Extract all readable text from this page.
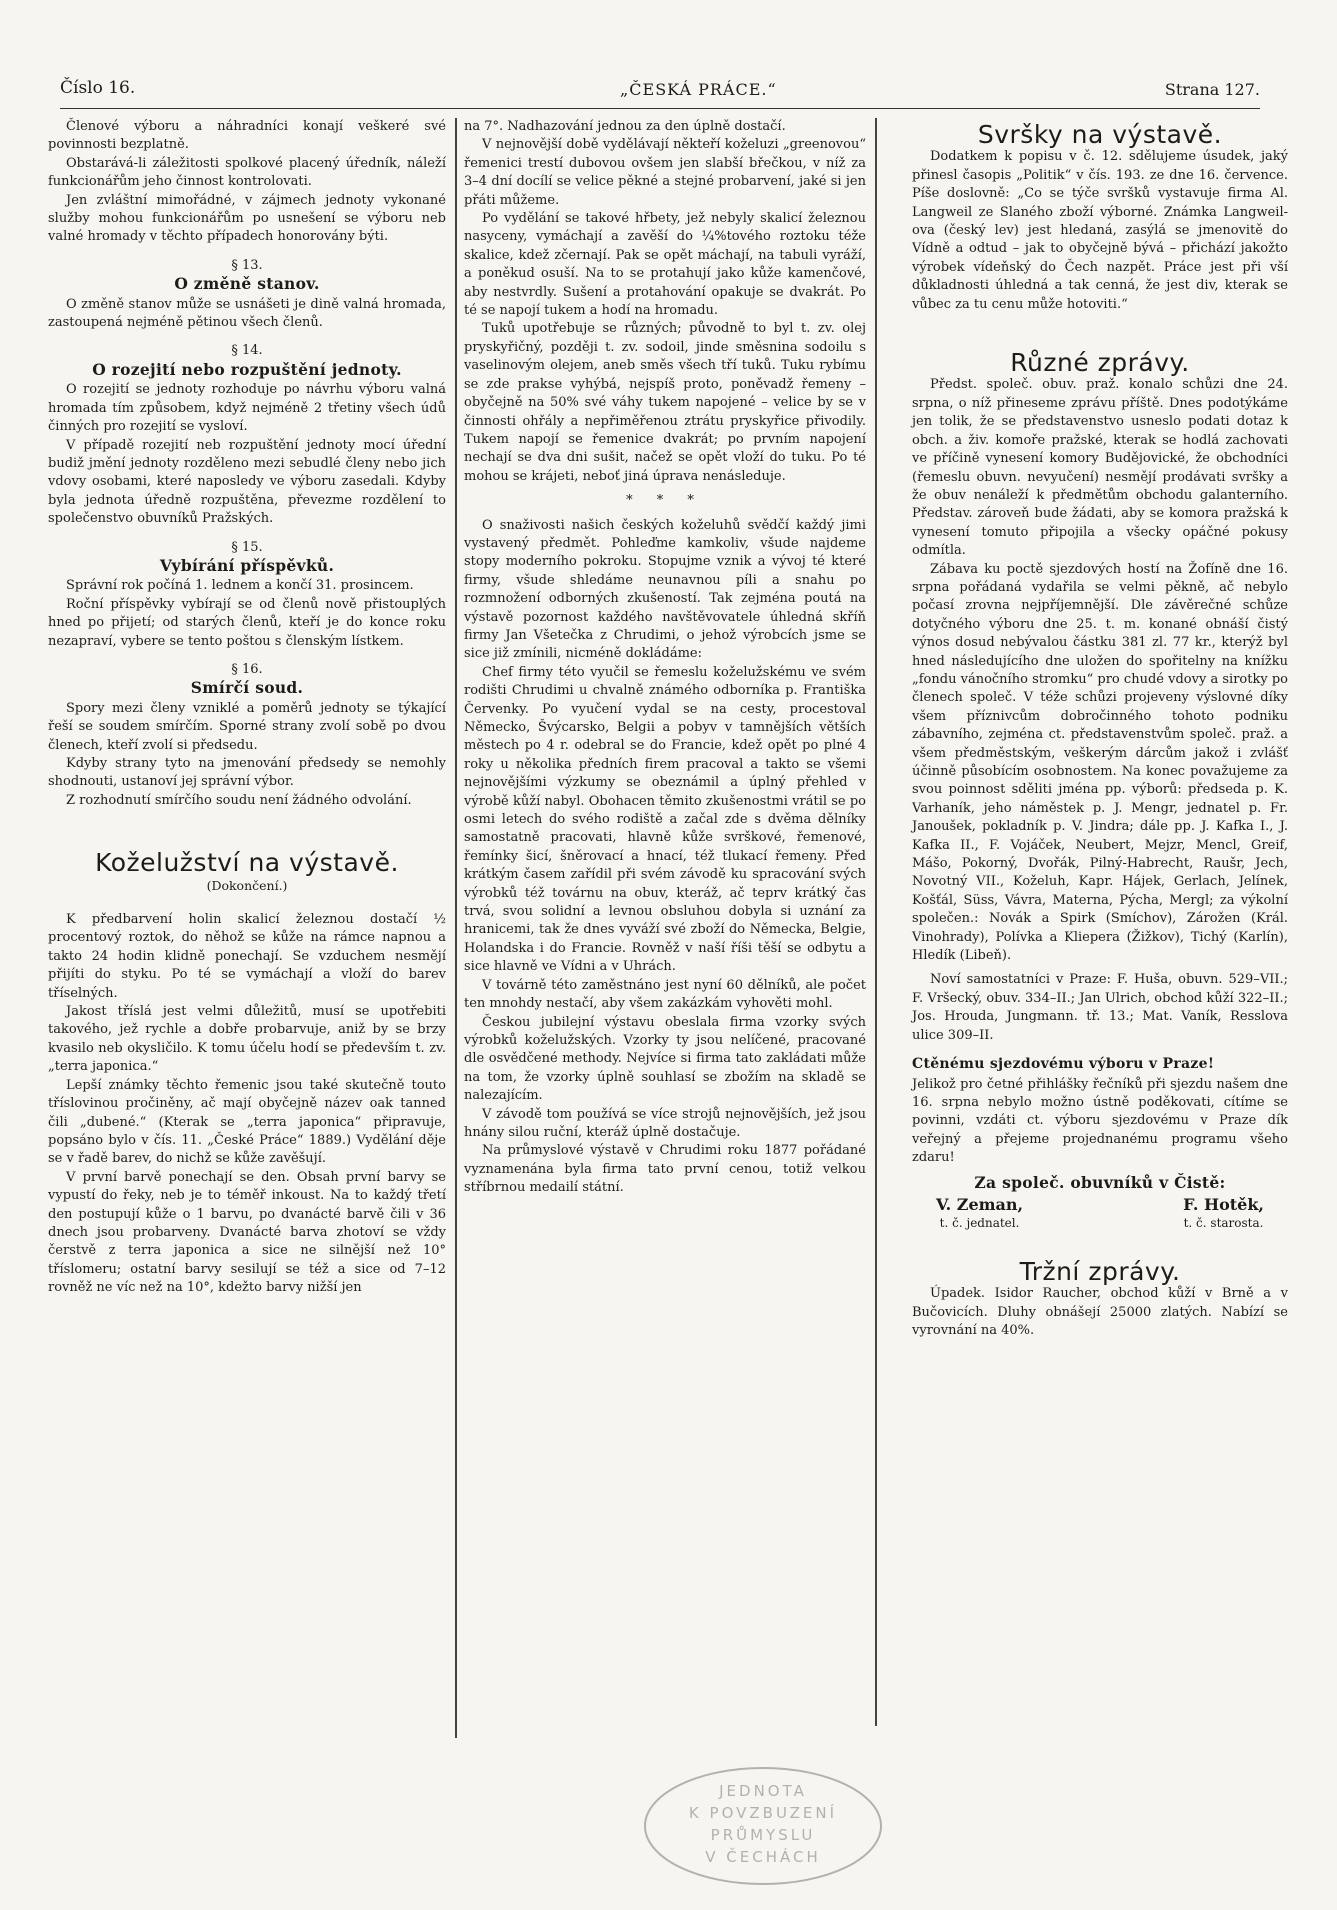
Číslo 16.	„ČESKÁ PRÁCE.“	Strana 127.

Členové výboru a náhradníci konají veškeré své povinnosti bezplatně.

Obstarává-li záležitosti spolkové placený úředník, náleží funkcionářům jeho činnost kontrolovati.

Jen zvláštní mimořádné, v zájmech jednoty vykonané služby mohou funkcionářům po usnešení se výboru neb valné hromady v těchto případech honorovány býti.

§ 13.
O změně stanov.

O změně stanov může se usnášeti je dině valná hromada, zastoupená nejméně pětinou všech členů.

§ 14.
O rozejití nebo rozpuštění jednoty.

O rozejití se jednoty rozhoduje po návrhu výboru valná hromada tím způsobem, když nejméně 2 třetiny všech údů činných pro rozejití se vysloví.

V případě rozejití neb rozpuštění jednoty mocí úřední budiž jmění jednoty rozděleno mezi sebudlé členy nebo jich vdovy osobami, které naposledy ve výboru zasedali. Kdyby byla jednota úředně rozpuštěna, převezme rozdělení to společenstvo obuvníků Pražských.

§ 15.
Vybírání příspěvků.

Správní rok počíná 1. lednem a končí 31. prosincem.

Roční příspěvky vybírají se od členů nově přistouplých hned po přijetí; od starých členů, kteří je do konce roku nezapraví, vybere se tento poštou s členským lístkem.

§ 16.
Smírčí soud.

Spory mezi členy vzniklé a poměrů jednoty se týkající řeší se soudem smírčím. Sporné strany zvolí sobě po dvou členech, kteří zvolí si předsedu.

Kdyby strany tyto na jmenování předsedy se nemohly shodnouti, ustanoví jej správní výbor.

Z rozhodnutí smírčího soudu není žádného odvolání.

Koželužství na výstavě.
(Dokončení.)

K předbarvení holin skalicí železnou dostačí ½ procentový roztok, do něhož se kůže na rámce napnou a takto 24 hodin klidně ponechají. Se vzduchem nesmějí přijíti do styku. Po té se vymáchají a vloží do barev tříselných.

Jakost tříslá jest velmi důležitů, musí se upotřebiti takového, jež rychle a dobře probarvuje, aniž by se brzy kvasilo neb okysličilo. K tomu účelu hodí se především t. zv. „terra japonica.“

Lepší známky těchto řemenic jsou také skutečně touto tříslovinou pročiněny, ač mají obyčejně název oak tanned čili „dubené.“ (Kterak se „terra japonica“ připravuje, popsáno bylo v čís. 11. „České Práce“ 1889.) Vydělání děje se v řadě barev, do nichž se kůže zavěšují.

V první barvě ponechají se den. Obsah první barvy se vypustí do řeky, neb je to téměř inkoust. Na to každý třetí den postupují kůže o 1 barvu, po dvanácté barvě čili v 36 dnech jsou probarveny. Dvanácté barva zhotoví se vždy čerstvě z terra japonica a sice ne silnější než 10° tříslomeru; ostatní barvy sesilují se též a sice od 7–12 rovněž ne víc než na 10°, kdežto barvy nižší jen

na 7°. Nadhazování jednou za den úplně dostačí.

V nejnovější době vydělávají někteří koželuzi „greenovou“ řemenici trestí dubovou ovšem jen slabší břečkou, v níž za 3–4 dní docílí se velice pěkné a stejné probarvení, jaké si jen přáti můžeme.

Po vydělání se takové hřbety, jež nebyly skalicí železnou nasyceny, vymáchají a zavěší do ¼%tového roztoku téže skalice, kdež zčernají. Pak se opět máchají, na tabuli vyráží, a poněkud osuší. Na to se protahují jako kůže kamenčové, aby nestvrdly. Sušení a protahování opakuje se dvakrát. Po té se napojí tukem a hodí na hromadu.

Tuků upotřebuje se různých; původně to byl t. zv. olej pryskyřičný, později t. zv. sodoil, jinde směsnina sodoilu s vaselinovým olejem, aneb směs všech tří tuků. Tuku rybímu se zde prakse vyhýbá, nejspíš proto, poněvadž řemeny – obyčejně na 50% své váhy tukem napojené – velice by se v činnosti ohřály a nepřiměřenou ztrátu pryskyřice přivodily. Tukem napojí se řemenice dvakrát; po prvním napojení nechají se dva dni sušit, načež se opět vloží do tuku. Po té mohou se krájeti, neboť jiná úprava nenásleduje.

* * *

O snaživosti našich českých koželuhů svědčí každý jimi vystavený předmět. Pohleďme kamkoliv, všude najdeme stopy moderního pokroku. Stopujme vznik a vývoj té které firmy, všude shledáme neunavnou píli a snahu po rozmnožení odborných zkušeností. Tak zejména poutá na výstavě pozornost každého navštěvovatele úhledná skříň firmy Jan Všetečka z Chrudimi, o jehož výrobcích jsme se sice již zmínili, nicméně dokládáme:

Chef firmy této vyučil se řemeslu koželužskému ve svém rodišti Chrudimi u chvalně známého odborníka p. Františka Červenky. Po vyučení vydal se na cesty, procestoval Německo, Švýcarsko, Belgii a pobyv v tamnějších větších městech po 4 r. odebral se do Francie, kdež opět po plné 4 roky u několika předních firem pracoval a takto se všemi nejnovějšími výzkumy se obeznámil a úplný přehled v výrobě kůží nabyl. Obohacen těmito zkušenostmi vrátil se po osmi letech do svého rodiště a začal zde s dvěma dělníky samostatně pracovati, hlavně kůže svrškové, řemenové, řemínky šicí, šněrovací a hnací, též tlukací řemeny. Před krátkým časem zařídil při svém závodě ku spracování svých výrobků též továrnu na obuv, kteráž, ač teprv krátký čas trvá, svou solidní a levnou obsluhou dobyla si uznání za hranicemi, tak že dnes vyváží své zboží do Německa, Belgie, Holandska i do Francie. Rovněž v naší říši těší se odbytu a sice hlavně ve Vídni a v Uhrách.

V továrně této zaměstnáno jest nyní 60 dělníků, ale počet ten mnohdy nestačí, aby všem zakázkám vyhověti mohl.

Českou jubilejní výstavu obeslala firma vzorky svých výrobků koželužských. Vzorky ty jsou nelíčené, pracované dle osvědčené methody. Nejvíce si firma tato zakládati může na tom, že vzorky úplně souhlasí se zbožím na skladě se nalezajícím.

V závodě tom používá se více strojů nejnovějších, jež jsou hnány silou ruční, kteráž úplně dostačuje.

Na průmyslové výstavě v Chrudimi roku 1877 pořádané vyznamenána byla firma tato první cenou, totiž velkou stříbrnou medailí státní.

Svršky na výstavě.

Dodatkem k popisu v č. 12. sdělujeme úsudek, jaký přinesl časopis „Politik“ v čís. 193. ze dne 16. července. Píše doslovně: „Co se týče svršků vystavuje firma Al. Langweil ze Slaného zboží výborné. Známka Langweil-ova (český lev) jest hledaná, zasýlá se jmenovitě do Vídně a odtud – jak to obyčejně bývá – přichází jakožto výrobek vídeňský do Čech nazpět. Práce jest při vší důkladnosti úhledná a tak cenná, že jest div, kterak se vůbec za tu cenu může hotoviti.“

Různé zprávy.

Předst. společ. obuv. praž. konalo schůzi dne 24. srpna, o níž přineseme zprávu příště. Dnes podotýkáme jen tolik, že se představenstvo usneslo podati dotaz k obch. a živ. komoře pražské, kterak se hodlá zachovati ve příčině vynesení komory Budějovické, že obchodníci (řemeslu obuvn. nevyučení) nesmějí prodávati svršky a že obuv nenáleží k předmětům obchodu galanterního. Představ. zároveň bude žádati, aby se komora pražská k vynesení tomuto připojila a všecky opáčné pokusy odmítla.

Zábava ku poctě sjezdových hostí na Žofíně dne 16. srpna pořádaná vydařila se velmi pěkně, ač nebylo počasí zrovna nejpříjemnější. Dle závěrečné schůze dotyčného výboru dne 25. t. m. konané obnáší čistý výnos dosud nebývalou částku 381 zl. 77 kr., kterýž byl hned následujícího dne uložen do spořitelny na knížku „fondu vánočního stromku“ pro chudé vdovy a sirotky po členech společ. V téže schůzi projeveny výslovné díky všem příznivcům dobročinného tohoto podniku zábavního, zejména ct. představenstvům společ. praž. a všem předměstským, veškerým dárcům jakož i zvlášť účinně působícím osobnostem. Na konec považujeme za svou poinnost sděliti jména pp. výborů: předseda p. K. Varhaník, jeho náměstek p. J. Mengr, jednatel p. Fr. Janoušek, pokladník p. V. Jindra; dále pp. J. Kafka I., J. Kafka II., F. Vojáček, Neubert, Mejzr, Mencl, Greif, Mášo, Pokorný, Dvořák, Pilný-Habrecht, Raušr, Jech, Novotný VII., Koželuh, Kapr. Hájek, Gerlach, Jelínek, Košťál, Süss, Vávra, Materna, Pýcha, Mergl; za výkolní společen.: Novák a Spirk (Smíchov), Zárožen (Král. Vinohrady), Polívka a Kliepera (Žižkov), Tichý (Karlín), Hledík (Libeň).

Noví samostatníci v Praze: F. Huša, obuvn. 529–VII.; F. Vršecký, obuv. 334–II.; Jan Ulrich, obchod kůží 322–II.; Jos. Hrouda, Jungmann. tř. 13.; Mat. Vaník, Resslova ulice 309–II.

Ctěnému sjezdovému výboru v Praze!

Jelikož pro četné přihlášky řečníků při sjezdu našem dne 16. srpna nebylo možno ústně poděkovati, cítíme se povinni, vzdáti ct. výboru sjezdovému v Praze dík veřejný a přejeme projednanému programu všeho zdaru!

Za společ. obuvníků v Čistě:
V. Zeman,
t. č. jednatel.
F. Hotěk,
t. č. starosta.
Tržní zprávy.

Úpadek. Isidor Raucher, obchod kůží v Brně a v Bučovicích. Dluhy obnášejí 25000 zlatých. Nabízí se vyrovnání na 40%.

JEDNOTA
K POVZBUZENÍ
PRŮMYSLU
V ČECHÁCH
